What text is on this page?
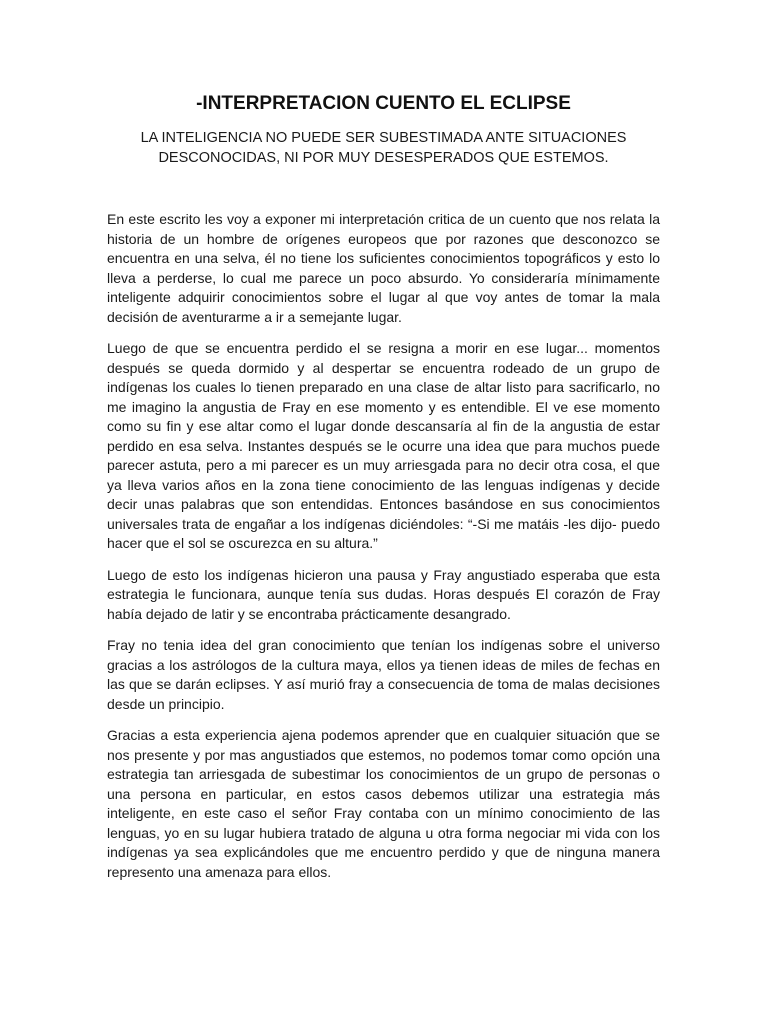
-INTERPRETACION CUENTO EL ECLIPSE
LA INTELIGENCIA NO PUEDE SER SUBESTIMADA ANTE SITUACIONES
DESCONOCIDAS, NI POR MUY DESESPERADOS QUE ESTEMOS.

En este escrito les voy a exponer mi interpretación critica de un cuento que nos relata la historia de un hombre de orígenes europeos que por razones que desconozco se encuentra en una selva, él no tiene los suficientes conocimientos topográficos y esto lo lleva a perderse, lo cual me parece un poco absurdo. Yo consideraría mínimamente inteligente adquirir conocimientos sobre el lugar al que voy antes de tomar la mala decisión de aventurarme a ir a semejante lugar.

Luego de que se encuentra perdido el se resigna a morir en ese lugar... momentos después se queda dormido y al despertar se encuentra rodeado de un grupo de indígenas los cuales lo tienen preparado en una clase de altar listo para sacrificarlo, no me imagino la angustia de Fray en ese momento y es entendible. El ve ese momento como su fin y ese altar como el lugar donde descansaría al fin de la angustia de estar perdido en esa selva. Instantes después se le ocurre una idea que para muchos puede parecer astuta, pero a mi parecer es un muy arriesgada para no decir otra cosa, el que ya lleva varios años en la zona tiene conocimiento de las lenguas indígenas y decide decir unas palabras que son entendidas. Entonces basándose en sus conocimientos universales trata de engañar a los indígenas diciéndoles: “-Si me matáis -les dijo- puedo hacer que el sol se oscurezca en su altura.”

Luego de esto los indígenas hicieron una pausa y Fray angustiado esperaba que esta estrategia le funcionara, aunque tenía sus dudas. Horas después El corazón de Fray había dejado de latir y se encontraba prácticamente desangrado.

Fray no tenia idea del gran conocimiento que tenían los indígenas sobre el universo gracias a los astrólogos de la cultura maya, ellos ya tienen ideas de miles de fechas en las que se darán eclipses. Y así murió fray a consecuencia de toma de malas decisiones desde un principio.

Gracias a esta experiencia ajena podemos aprender que en cualquier situación que se nos presente y por mas angustiados que estemos, no podemos tomar como opción una estrategia tan arriesgada de subestimar los conocimientos de un grupo de personas o una persona en particular, en estos casos debemos utilizar una estrategia más inteligente, en este caso el señor Fray contaba con un mínimo conocimiento de las lenguas, yo en su lugar hubiera tratado de alguna u otra forma negociar mi vida con los indígenas ya sea explicándoles que me encuentro perdido y que de ninguna manera represento una amenaza para ellos.
